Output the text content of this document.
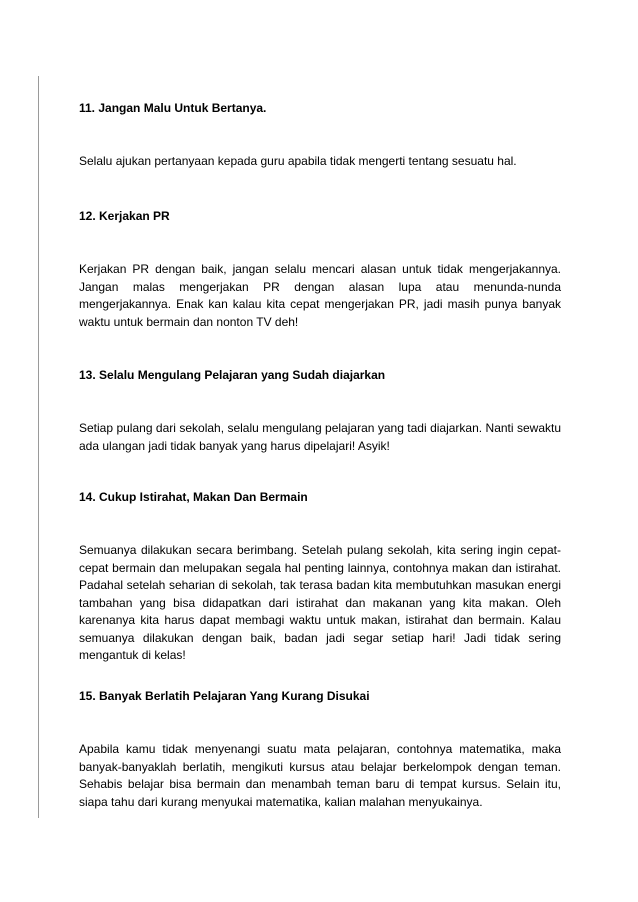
11. Jangan Malu Untuk Bertanya.

Selalu ajukan pertanyaan kepada guru apabila tidak mengerti tentang sesuatu hal.

12. Kerjakan PR

Kerjakan PR dengan baik, jangan selalu mencari alasan untuk tidak mengerjakannya. Jangan malas mengerjakan PR dengan alasan lupa atau menunda-nunda mengerjakannya. Enak kan kalau kita cepat mengerjakan PR, jadi masih punya banyak waktu untuk bermain dan nonton TV deh!

13. Selalu Mengulang Pelajaran yang Sudah diajarkan

Setiap pulang dari sekolah, selalu mengulang pelajaran yang tadi diajarkan. Nanti sewaktu ada ulangan jadi tidak banyak yang harus dipelajari! Asyik!

14. Cukup Istirahat, Makan Dan Bermain

Semuanya dilakukan secara berimbang. Setelah pulang sekolah, kita sering ingin cepat-cepat bermain dan melupakan segala hal penting lainnya, contohnya makan dan istirahat. Padahal setelah seharian di sekolah, tak terasa badan kita membutuhkan masukan energi tambahan yang bisa didapatkan dari istirahat dan makanan yang kita makan. Oleh karenanya kita harus dapat membagi waktu untuk makan, istirahat dan bermain. Kalau semuanya dilakukan dengan baik, badan jadi segar setiap hari! Jadi tidak sering mengantuk di kelas!

15. Banyak Berlatih Pelajaran Yang Kurang Disukai

Apabila kamu tidak menyenangi suatu mata pelajaran, contohnya matematika, maka banyak-banyaklah berlatih, mengikuti kursus atau belajar berkelompok dengan teman. Sehabis belajar bisa bermain dan menambah teman baru di tempat kursus. Selain itu, siapa tahu dari kurang menyukai matematika, kalian malahan menyukainya.
